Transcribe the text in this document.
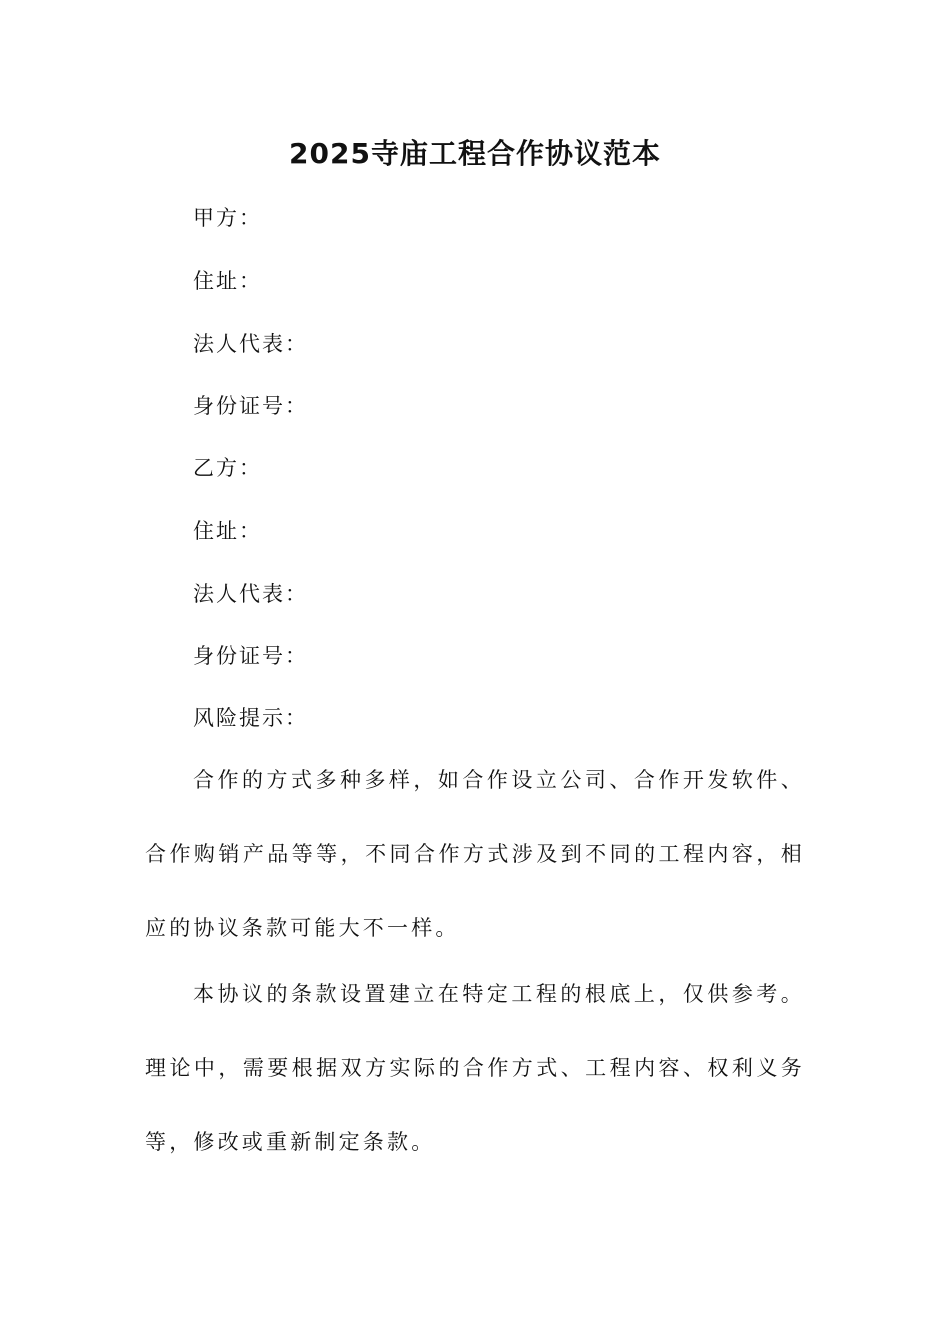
2025寺庙工程合作协议范本
甲方：
住址：
法人代表：
身份证号：
乙方：
住址：
法人代表：
身份证号：
风险提示：
合作的方式多种多样，如合作设立公司、合作开发软件、合作购销产品等等，不同合作方式涉及到不同的工程内容，相应的协议条款可能大不一样。
本协议的条款设置建立在特定工程的根底上，仅供参考。理论中，需要根据双方实际的合作方式、工程内容、权利义务等，修改或重新制定条款。
